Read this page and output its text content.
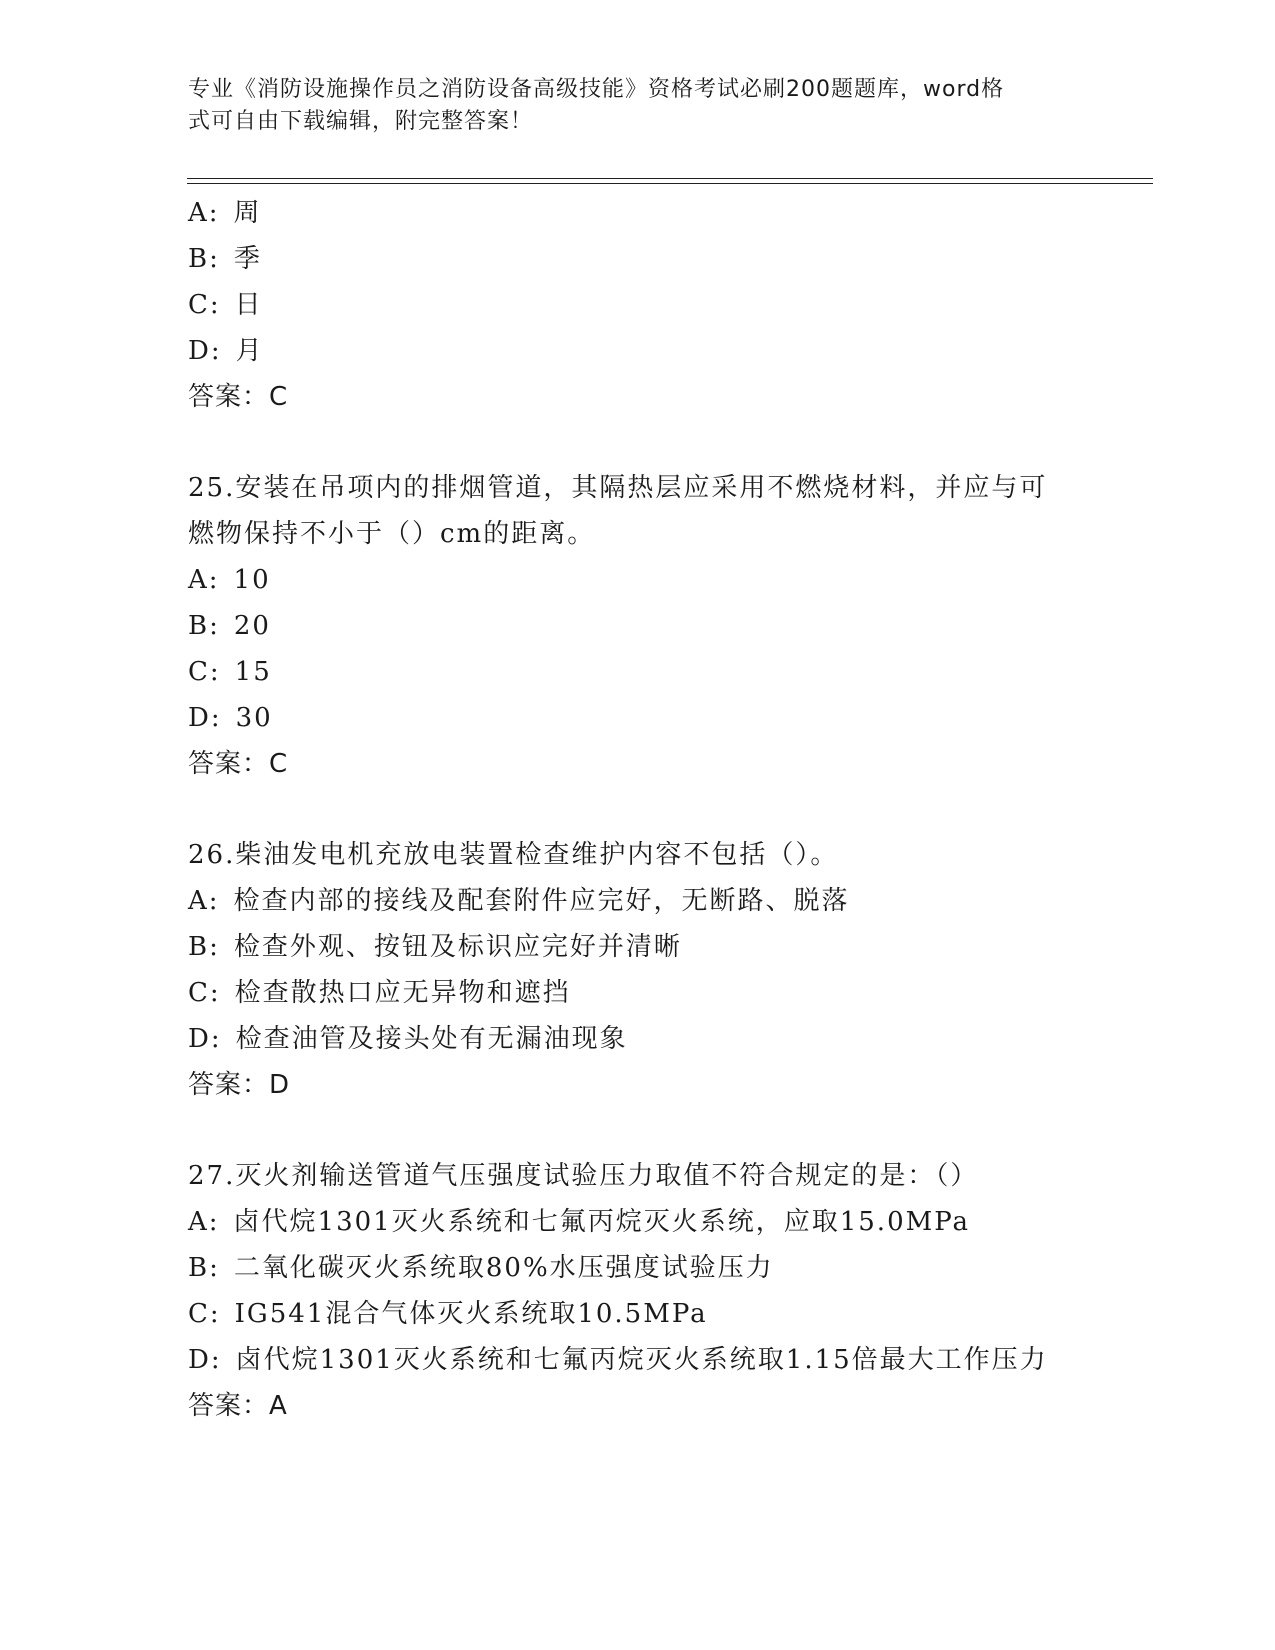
专业《消防设施操作员之消防设备高级技能》资格考试必刷200题题库，word格
式可自由下载编辑，附完整答案！
A: 周
B: 季
C: 日
D: 月
答案：C
25.安装在吊项内的排烟管道，其隔热层应采用不燃烧材料，并应与可
燃物保持不小于（）cm的距离。
A: 10
B: 20
C: 15
D: 30
答案：C
26.柴油发电机充放电装置检查维护内容不包括（）。
A: 检查内部的接线及配套附件应完好，无断路、脱落
B: 检查外观、按钮及标识应完好并清晰
C: 检查散热口应无异物和遮挡
D: 检查油管及接头处有无漏油现象
答案：D
27.灭火剂输送管道气压强度试验压力取值不符合规定的是：（）
A: 卤代烷1301灭火系统和七氟丙烷灭火系统，应取15.0MPa
B: 二氧化碳灭火系统取80%水压强度试验压力
C: IG541混合气体灭火系统取10.5MPa
D: 卤代烷1301灭火系统和七氟丙烷灭火系统取1.15倍最大工作压力
答案：A
